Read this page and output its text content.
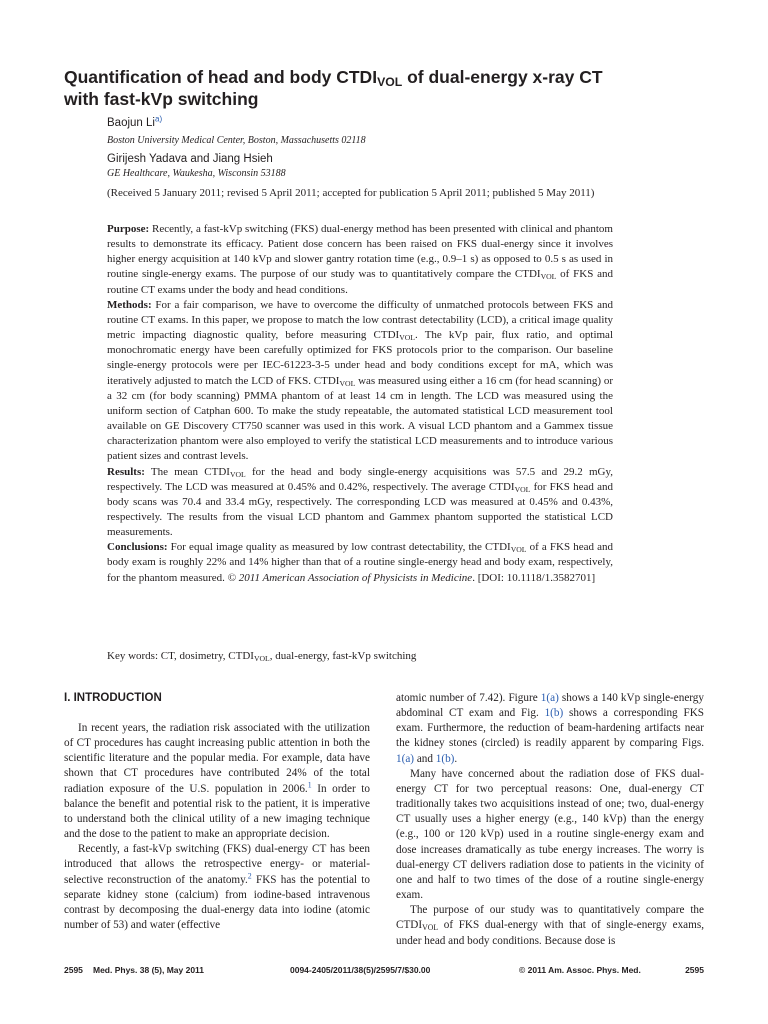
Quantification of head and body $CTDI_{VOL}$ of dual-energy x-ray CT
with fast-kVp switching
Baojun Li$^{a)}$
Boston University Medical Center, Boston, Massachusetts 02118
Girijesh Yadava and Jiang Hsieh
GE Healthcare, Waukesha, Wisconsin 53188

(Received 5 January 2011; revised 5 April 2011; accepted for publication 5 April 2011; published 5 May 2011)

Purpose: Recently, a fast-kVp switching (FKS) dual-energy method has been presented with clinical and phantom results to demonstrate its efficacy. Patient dose concern has been raised on FKS dual-energy since it involves higher energy acquisition at 140 kVp and slower gantry rotation time (e.g., 0.9–1 s) as opposed to 0.5 s as used in routine single-energy exams. The purpose of our study was to quantitatively compare the $CTDI_{VOL}$ of FKS and routine CT exams under the body and head conditions.

Methods: For a fair comparison, we have to overcome the difficulty of unmatched protocols between FKS and routine CT exams. In this paper, we propose to match the low contrast detectability (LCD), a critical image quality metric impacting diagnostic quality, before measuring $CTDI_{VOL}$. The kVp pair, flux ratio, and optimal monochromatic energy have been carefully optimized for FKS protocols prior to the comparison. Our baseline single-energy protocols were per IEC-61223-3-5 under head and body conditions except for mA, which was iteratively adjusted to match the LCD of FKS. $CTDI_{VOL}$ was measured using either a 16 cm (for head scanning) or a 32 cm (for body scanning) PMMA phantom of at least 14 cm in length. The LCD was measured using the uniform section of Catphan 600. To make the study repeatable, the automated statistical LCD measurement tool available on GE Discovery CT750 scanner was used in this work. A visual LCD phantom and a Gammex tissue characterization phantom were also employed to verify the statistical LCD measurements and to introduce various patient sizes and contrast levels.

Results: The mean $CTDI_{VOL}$ for the head and body single-energy acquisitions was 57.5 and 29.2 mGy, respectively. The LCD was measured at 0.45% and 0.42%, respectively. The average $CTDI_{VOL}$ for FKS head and body scans was 70.4 and 33.4 mGy, respectively. The corresponding LCD was measured at 0.45% and 0.43%, respectively. The results from the visual LCD phantom and Gammex phantom supported the statistical LCD measurements.

Conclusions: For equal image quality as measured by low contrast detectability, the $CTDI_{VOL}$ of a FKS head and body exam is roughly 22% and 14% higher than that of a routine single-energy head and body exam, respectively, for the phantom measured. © 2011 American Association of Physicists in Medicine. [DOI: 10.1118/1.3582701]

Key words: CT, dosimetry, $CTDI_{VOL}$, dual-energy, fast-kVp switching

I. INTRODUCTION

In recent years, the radiation risk associated with the utilization of CT procedures has caught increasing public attention in both the scientific literature and the popular media. For example, data have shown that CT procedures have contributed 24% of the total radiation exposure of the U.S. population in 2006.$^1$ In order to balance the benefit and potential risk to the patient, it is imperative to understand both the clinical utility of a new imaging technique and the dose to the patient to make an appropriate decision.

Recently, a fast-kVp switching (FKS) dual-energy CT has been introduced that allows the retrospective energy- or material-selective reconstruction of the anatomy.$^2$ FKS has the potential to separate kidney stone (calcium) from iodine-based intravenous contrast by decomposing the dual-energy data into iodine (atomic number of 53) and water (effective

atomic number of 7.42). Figure 1(a) shows a 140 kVp single-energy abdominal CT exam and Fig. 1(b) shows a corresponding FKS exam. Furthermore, the reduction of beam-hardening artifacts near the kidney stones (circled) is readily apparent by comparing Figs. 1(a) and 1(b).

Many have concerned about the radiation dose of FKS dual-energy CT for two perceptual reasons: One, dual-energy CT traditionally takes two acquisitions instead of one; two, dual-energy CT usually uses a higher energy (e.g., 140 kVp) than the energy (e.g., 100 or 120 kVp) used in a routine single-energy exam and dose increases dramatically as tube energy increases. The worry is dual-energy CT delivers radiation dose to patients in the vicinity of one and half to two times of the dose of a routine single-energy exam.

The purpose of our study was to quantitatively compare the $CTDI_{VOL}$ of FKS dual-energy with that of single-energy exams, under head and body conditions. Because dose is

2595 Med. Phys. 38 (5), May 2011	0094-2405/2011/38(5)/2595/7/$30.00	© 2011 Am. Assoc. Phys. Med.	2595
